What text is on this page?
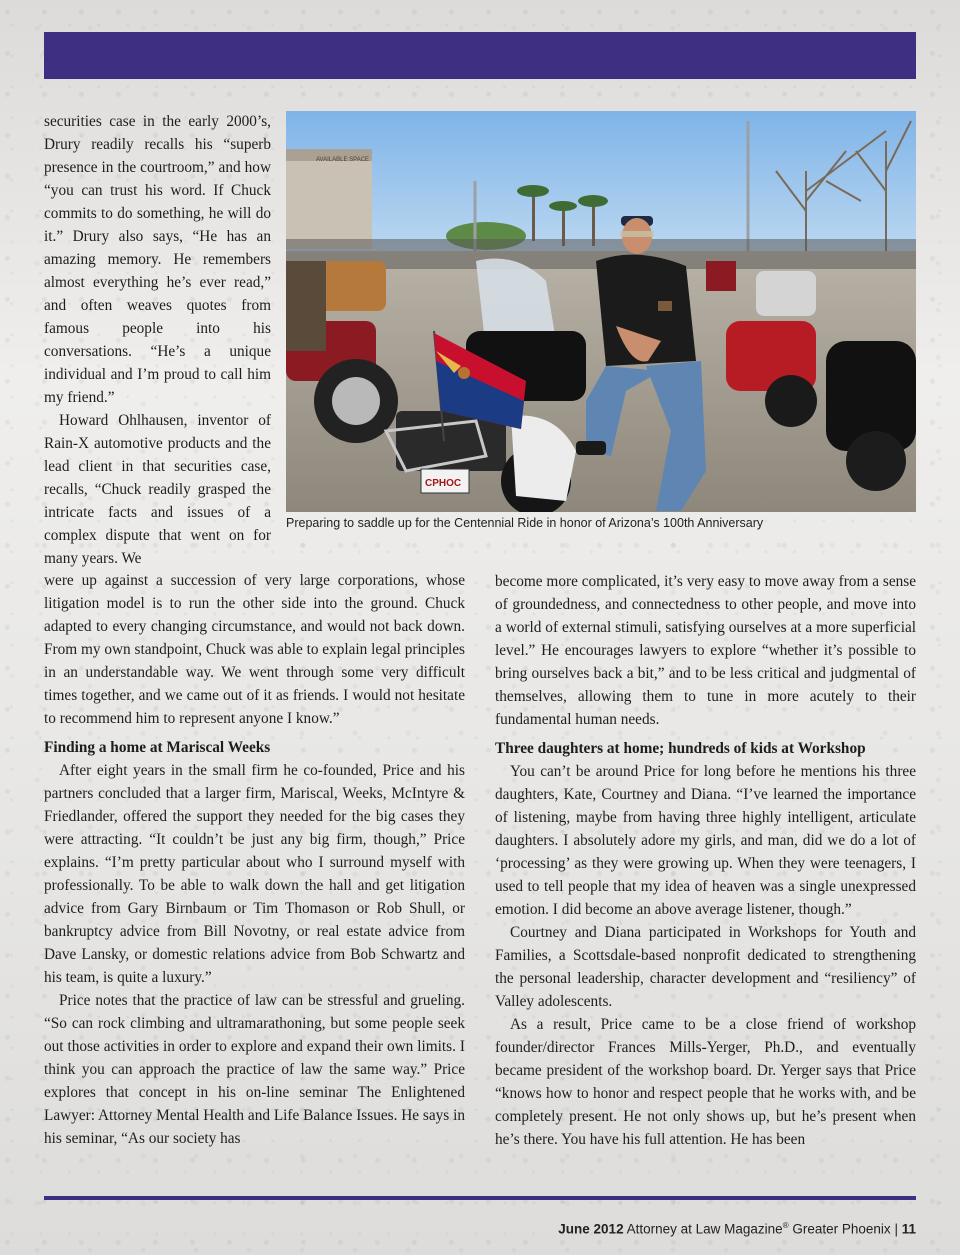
AVAILABLE SPACE
CPHOC
Preparing to saddle up for the Centennial Ride in honor of Arizona’s 100th Anniversary

securities case in the early 2000’s, Drury readily recalls his “superb presence in the courtroom,” and how “you can trust his word. If Chuck commits to do something, he will do it.” Drury also says, “He has an amazing memory. He remembers almost everything he’s ever read,” and often weaves quotes from famous people into his conversations. “He’s a unique individual and I’m proud to call him my friend.”

Howard Ohlhausen, inventor of Rain-X automotive products and the lead client in that securities case, recalls, “Chuck readily grasped the intricate facts and issues of a complex dispute that went on for many years. We

were up against a succession of very large corporations, whose litigation model is to run the other side into the ground. Chuck adapted to every changing circumstance, and would not back down. From my own standpoint, Chuck was able to explain legal principles in an understandable way. We went through some very difficult times together, and we came out of it as friends. I would not hesitate to recommend him to represent anyone I know.”

Finding a home at Mariscal Weeks

After eight years in the small firm he co-founded, Price and his partners concluded that a larger firm, Mariscal, Weeks, McIntyre & Friedlander, offered the support they needed for the big cases they were attracting. “It couldn’t be just any big firm, though,” Price explains. “I’m pretty particular about who I surround myself with professionally. To be able to walk down the hall and get litigation advice from Gary Birnbaum or Tim Thomason or Rob Shull, or bankruptcy advice from Bill Novotny, or real estate advice from Dave Lansky, or domestic relations advice from Bob Schwartz and his team, is quite a luxury.”

Price notes that the practice of law can be stressful and grueling. “So can rock climbing and ultramarathoning, but some people seek out those activities in order to explore and expand their own limits. I think you can approach the practice of law the same way.” Price explores that concept in his on-line seminar The Enlightened Lawyer: Attorney Mental Health and Life Balance Issues. He says in his seminar, “As our society has

become more complicated, it’s very easy to move away from a sense of groundedness, and connectedness to other people, and move into a world of external stimuli, satisfying ourselves at a more superficial level.” He encourages lawyers to explore “whether it’s possible to bring ourselves back a bit,” and to be less critical and judgmental of themselves, allowing them to tune in more acutely to their fundamental human needs.

Three daughters at home; hundreds of kids at Workshop

You can’t be around Price for long before he mentions his three daughters, Kate, Courtney and Diana. “I’ve learned the importance of listening, maybe from having three highly intelligent, articulate daughters. I absolutely adore my girls, and man, did we do a lot of ‘processing’ as they were growing up. When they were teenagers, I used to tell people that my idea of heaven was a single unexpressed emotion. I did become an above average listener, though.”

Courtney and Diana participated in Workshops for Youth and Families, a Scottsdale-based nonprofit dedicated to strengthening the personal leadership, character development and “resiliency” of Valley adolescents.

As a result, Price came to be a close friend of workshop founder/director Frances Mills-Yerger, Ph.D., and eventually became president of the workshop board. Dr. Yerger says that Price “knows how to honor and respect people that he works with, and be completely present. He not only shows up, but he’s present when he’s there. You have his full attention. He has been

June 2012 Attorney at Law Magazine® Greater Phoenix | 11
